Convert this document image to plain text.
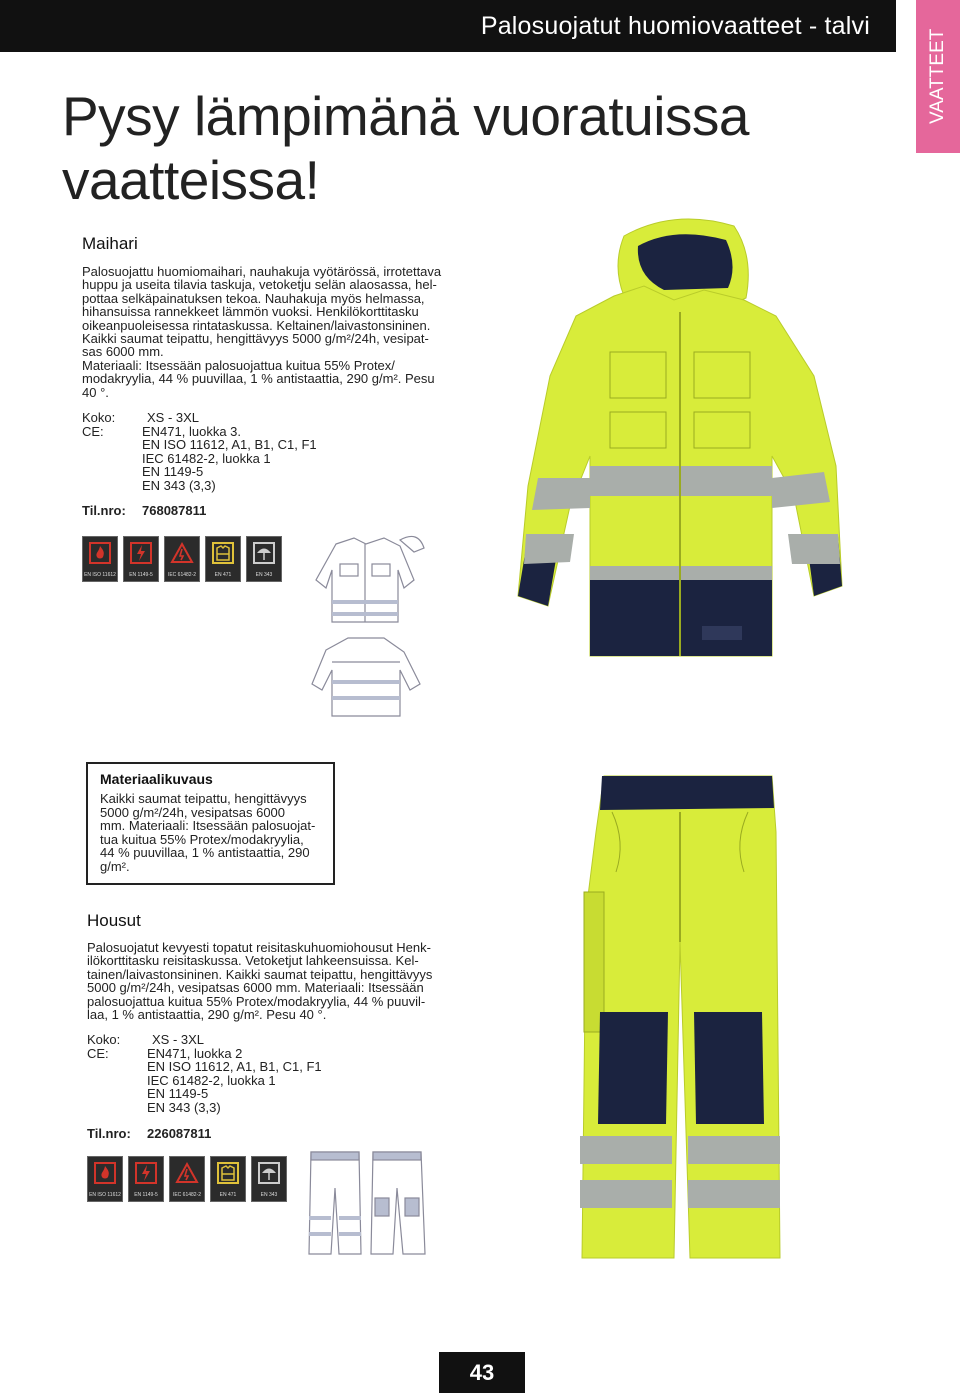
Palosuojatut huomiovaatteet - talvi
VAATTEET
Pysy lämpimänä vuoratuissa vaatteissa!
Maihari
Palosuojattu huomiomaihari, nauhakuja vyötärössä, irrotettava
huppu ja useita tilavia taskuja, vetoketju selän alaosassa, hel-
pottaa selkäpainatuksen tekoa. Nauhakuja myös helmassa,
hihansuissa rannekkeet lämmön vuoksi. Henkilökorttitasku
oikeanpuoleisessa rintataskussa. Keltainen/laivastonsininen.
Kaikki saumat teipattu, hengittävyys 5000 g/m²/24h, vesipat-
sas 6000 mm.
Materiaali: Itsessään palosuojattua kuitua 55% Protex/
modakryylia, 44 % puuvillaa, 1 % antistaattia, 290 g/m². Pesu
40 °.
Koko:	XS - 3XL
CE:	EN471, luokka 3.
EN ISO 11612, A1, B1, C1, F1
IEC 61482-2, luokka 1
EN 1149-5
EN 343 (3,3)
Til.nro: 768087811
EN ISO 11612	EN 1149-5	IEC 61482-2	EN 471	EN 343
Materiaalikuvaus
Kaikki saumat teipattu, hengittävyys
5000 g/m²/24h, vesipatsas 6000
mm. Materiaali: Itsessään palosuojat-
tua kuitua 55% Protex/modakryylia,
44 % puuvillaa, 1 % antistaattia, 290
g/m².
Housut
Palosuojatut kevyesti topatut reisitaskuhuomiohousut Henk-
ilökorttitasku reisitaskussa. Vetoketjut lahkeensuissa. Kel-
tainen/laivastonsininen. Kaikki saumat teipattu, hengittävyys
5000 g/m²/24h, vesipatsas 6000 mm. Materiaali: Itsessään
palosuojattua kuitua 55% Protex/modakryylia, 44 % puuvil-
laa, 1 % antistaattia, 290 g/m². Pesu 40 °.
Koko:	XS - 3XL
CE:	EN471, luokka 2
EN ISO 11612, A1, B1, C1, F1
IEC 61482-2, luokka 1
EN 1149-5
EN 343 (3,3)
Til.nro: 226087811
EN ISO 11612	EN 1149-5	IEC 61482-2	EN 471	EN 343
43
